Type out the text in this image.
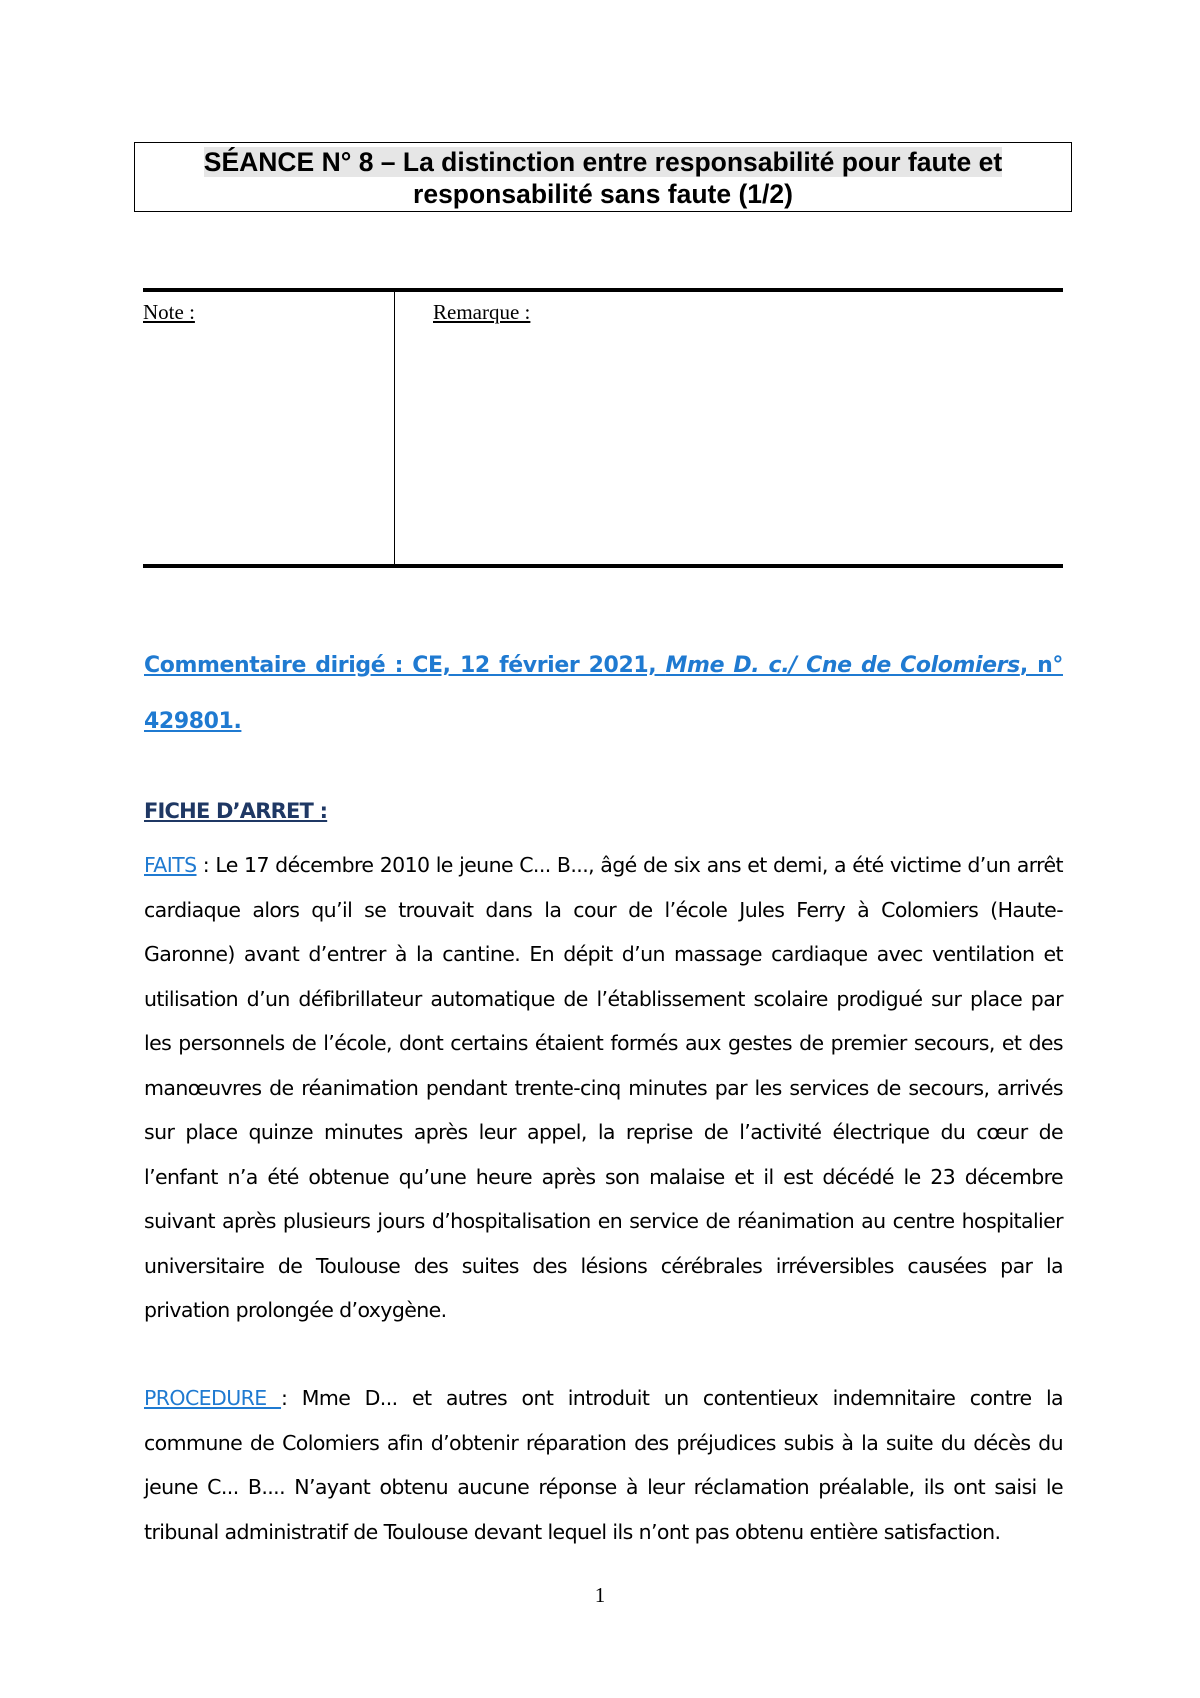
SÉANCE N° 8 – La distinction entre responsabilité pour faute et
responsabilité sans faute (1/2)
Note :	Remarque :
Commentaire dirigé : CE, 12 février 2021, Mme D. c./ Cne de Colomiers, n° 429801.
FICHE D’ARRET :
FAITS : Le 17 décembre 2010 le jeune C... B..., âgé de six ans et demi, a été victime d’un arrêt cardiaque alors qu’il se trouvait dans la cour de l’école Jules Ferry à Colomiers (Haute-Garonne) avant d’entrer à la cantine. En dépit d’un massage cardiaque avec ventilation et utilisation d’un défibrillateur automatique de l’établissement scolaire prodigué sur place par les personnels de l’école, dont certains étaient formés aux gestes de premier secours, et des manœuvres de réanimation pendant trente-cinq minutes par les services de secours, arrivés sur place quinze minutes après leur appel, la reprise de l’activité électrique du cœur de l’enfant n’a été obtenue qu’une heure après son malaise et il est décédé le 23 décembre suivant après plusieurs jours d’hospitalisation en service de réanimation au centre hospitalier universitaire de Toulouse des suites des lésions cérébrales irréversibles causées par la privation prolongée d’oxygène.
PROCEDURE : Mme D... et autres ont introduit un contentieux indemnitaire contre la commune de Colomiers afin d’obtenir réparation des préjudices subis à la suite du décès du jeune C... B.... N’ayant obtenu aucune réponse à leur réclamation préalable, ils ont saisi le tribunal administratif de Toulouse devant lequel ils n’ont pas obtenu entière satisfaction.
1
